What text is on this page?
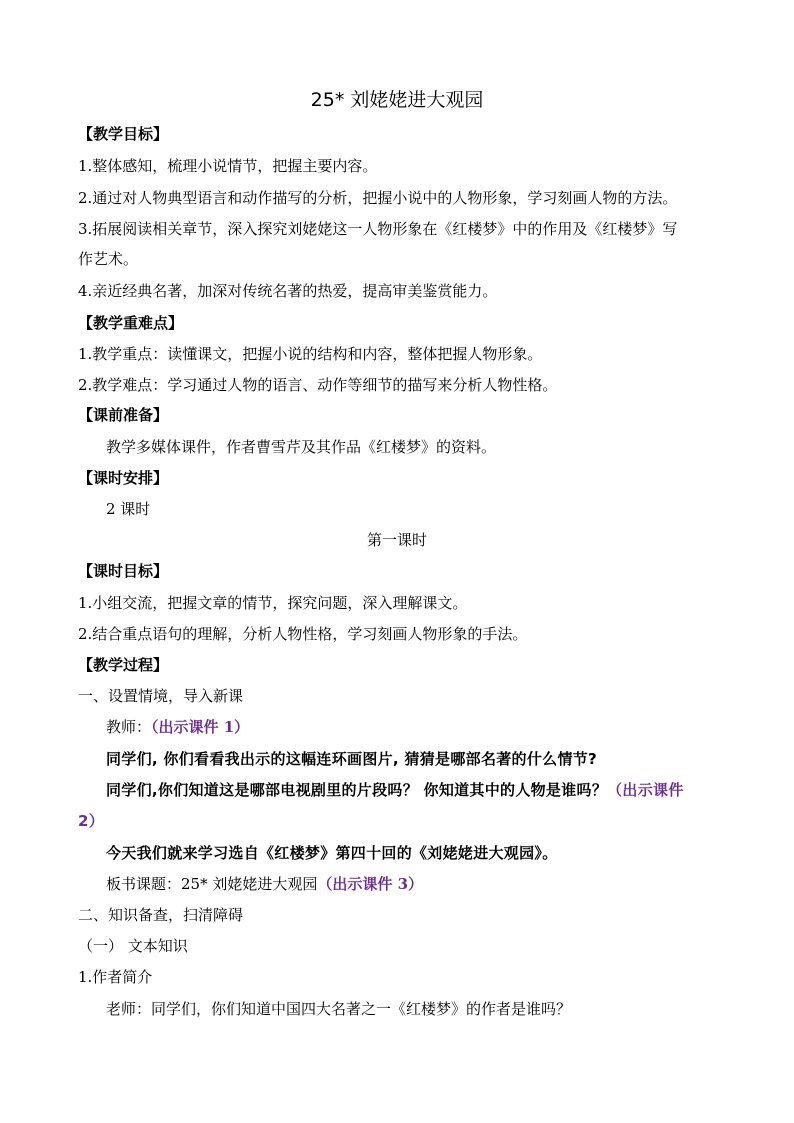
25* 刘姥姥进大观园
【教学目标】
1.整体感知，梳理小说情节，把握主要内容。
2.通过对人物典型语言和动作描写的分析，把握小说中的人物形象，学习刻画人物的方法。
3.拓展阅读相关章节，深入探究刘姥姥这一人物形象在《红楼梦》中的作用及《红楼梦》写
作艺术。
4.亲近经典名著，加深对传统名著的热爱，提高审美鉴赏能力。
【教学重难点】
1.教学重点：读懂课文，把握小说的结构和内容，整体把握人物形象。
2.教学难点：学习通过人物的语言、动作等细节的描写来分析人物性格。
【课前准备】
教学多媒体课件，作者曹雪芹及其作品《红楼梦》的资料。
【课时安排】
2 课时
第一课时
【课时目标】
1.小组交流，把握文章的情节，探究问题，深入理解课文。
2.结合重点语句的理解，分析人物性格，学习刻画人物形象的手法。
【教学过程】
一、设置情境，导入新课
教师：（出示课件 1）
同学们, 你们看看我出示的这幅连环画图片, 猜猜是哪部名著的什么情节?
同学们,你们知道这是哪部电视剧里的片段吗？ 你知道其中的人物是谁吗？（出示课件
2）
今天我们就来学习选自《红楼梦》第四十回的《刘姥姥进大观园》。
板书课题：25* 刘姥姥进大观园（出示课件 3）
二、知识备查，扫清障碍
（一） 文本知识
1.作者简介
老师：同学们，你们知道中国四大名著之一《红楼梦》的作者是谁吗？
